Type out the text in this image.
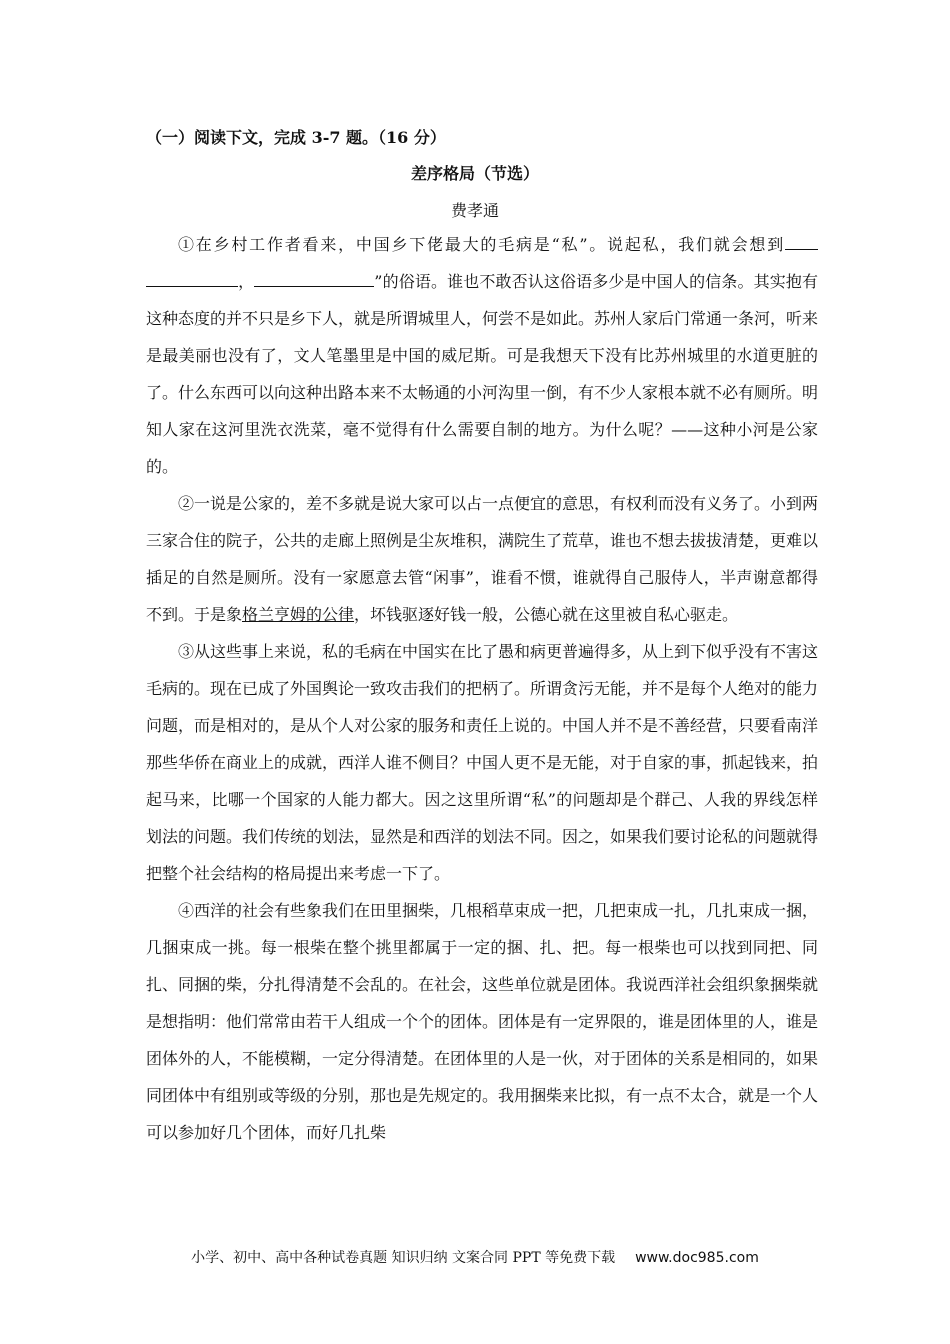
（一）阅读下文，完成 3-7 题。（16 分）
差序格局（节选）
费孝通

①在乡村工作者看来，中国乡下佬最大的毛病是“私”。说起私，我们就会想到，	”的俗语。谁也不敢否认这俗语多少是中国人的信条。其实抱有这种态度的并不只是乡下人，就是所谓城里人，何尝不是如此。苏州人家后门常通一条河，听来是最美丽也没有了，文人笔墨里是中国的威尼斯。可是我想天下没有比苏州城里的水道更脏的了。什么东西可以向这种出路本来不太畅通的小河沟里一倒，有不少人家根本就不必有厕所。明知人家在这河里洗衣洗菜，毫不觉得有什么需要自制的地方。为什么呢？——这种小河是公家的。

②一说是公家的，差不多就是说大家可以占一点便宜的意思，有权利而没有义务了。小到两三家合住的院子，公共的走廊上照例是尘灰堆积，满院生了荒草，谁也不想去拔拔清楚，更难以插足的自然是厕所。没有一家愿意去管“闲事”，谁看不惯，谁就得自己服侍人，半声谢意都得不到。于是象格兰亨姆的公律，坏钱驱逐好钱一般，公德心就在这里被自私心驱走。

③从这些事上来说，私的毛病在中国实在比了愚和病更普遍得多，从上到下似乎没有不害这毛病的。现在已成了外国舆论一致攻击我们的把柄了。所谓贪污无能，并不是每个人绝对的能力问题，而是相对的，是从个人对公家的服务和责任上说的。中国人并不是不善经营，只要看南洋那些华侨在商业上的成就，西洋人谁不侧目？中国人更不是无能，对于自家的事，抓起钱来，拍起马来，比哪一个国家的人能力都大。因之这里所谓“私”的问题却是个群己、人我的界线怎样划法的问题。我们传统的划法，显然是和西洋的划法不同。因之，如果我们要讨论私的问题就得把整个社会结构的格局提出来考虑一下了。

④西洋的社会有些象我们在田里捆柴，几根稻草束成一把，几把束成一扎，几扎束成一捆，几捆束成一挑。每一根柴在整个挑里都属于一定的捆、扎、把。每一根柴也可以找到同把、同扎、同捆的柴，分扎得清楚不会乱的。在社会，这些单位就是团体。我说西洋社会组织象捆柴就是想指明：他们常常由若干人组成一个个的团体。团体是有一定界限的，谁是团体里的人，谁是团体外的人，不能模糊，一定分得清楚。在团体里的人是一伙，对于团体的关系是相同的，如果同团体中有组别或等级的分别，那也是先规定的。我用捆柴来比拟，有一点不太合，就是一个人可以参加好几个团体，而好几扎柴

小学、初中、高中各种试卷真题 知识归纳 文案合同 PPT 等免费下载 www.doc985.com
